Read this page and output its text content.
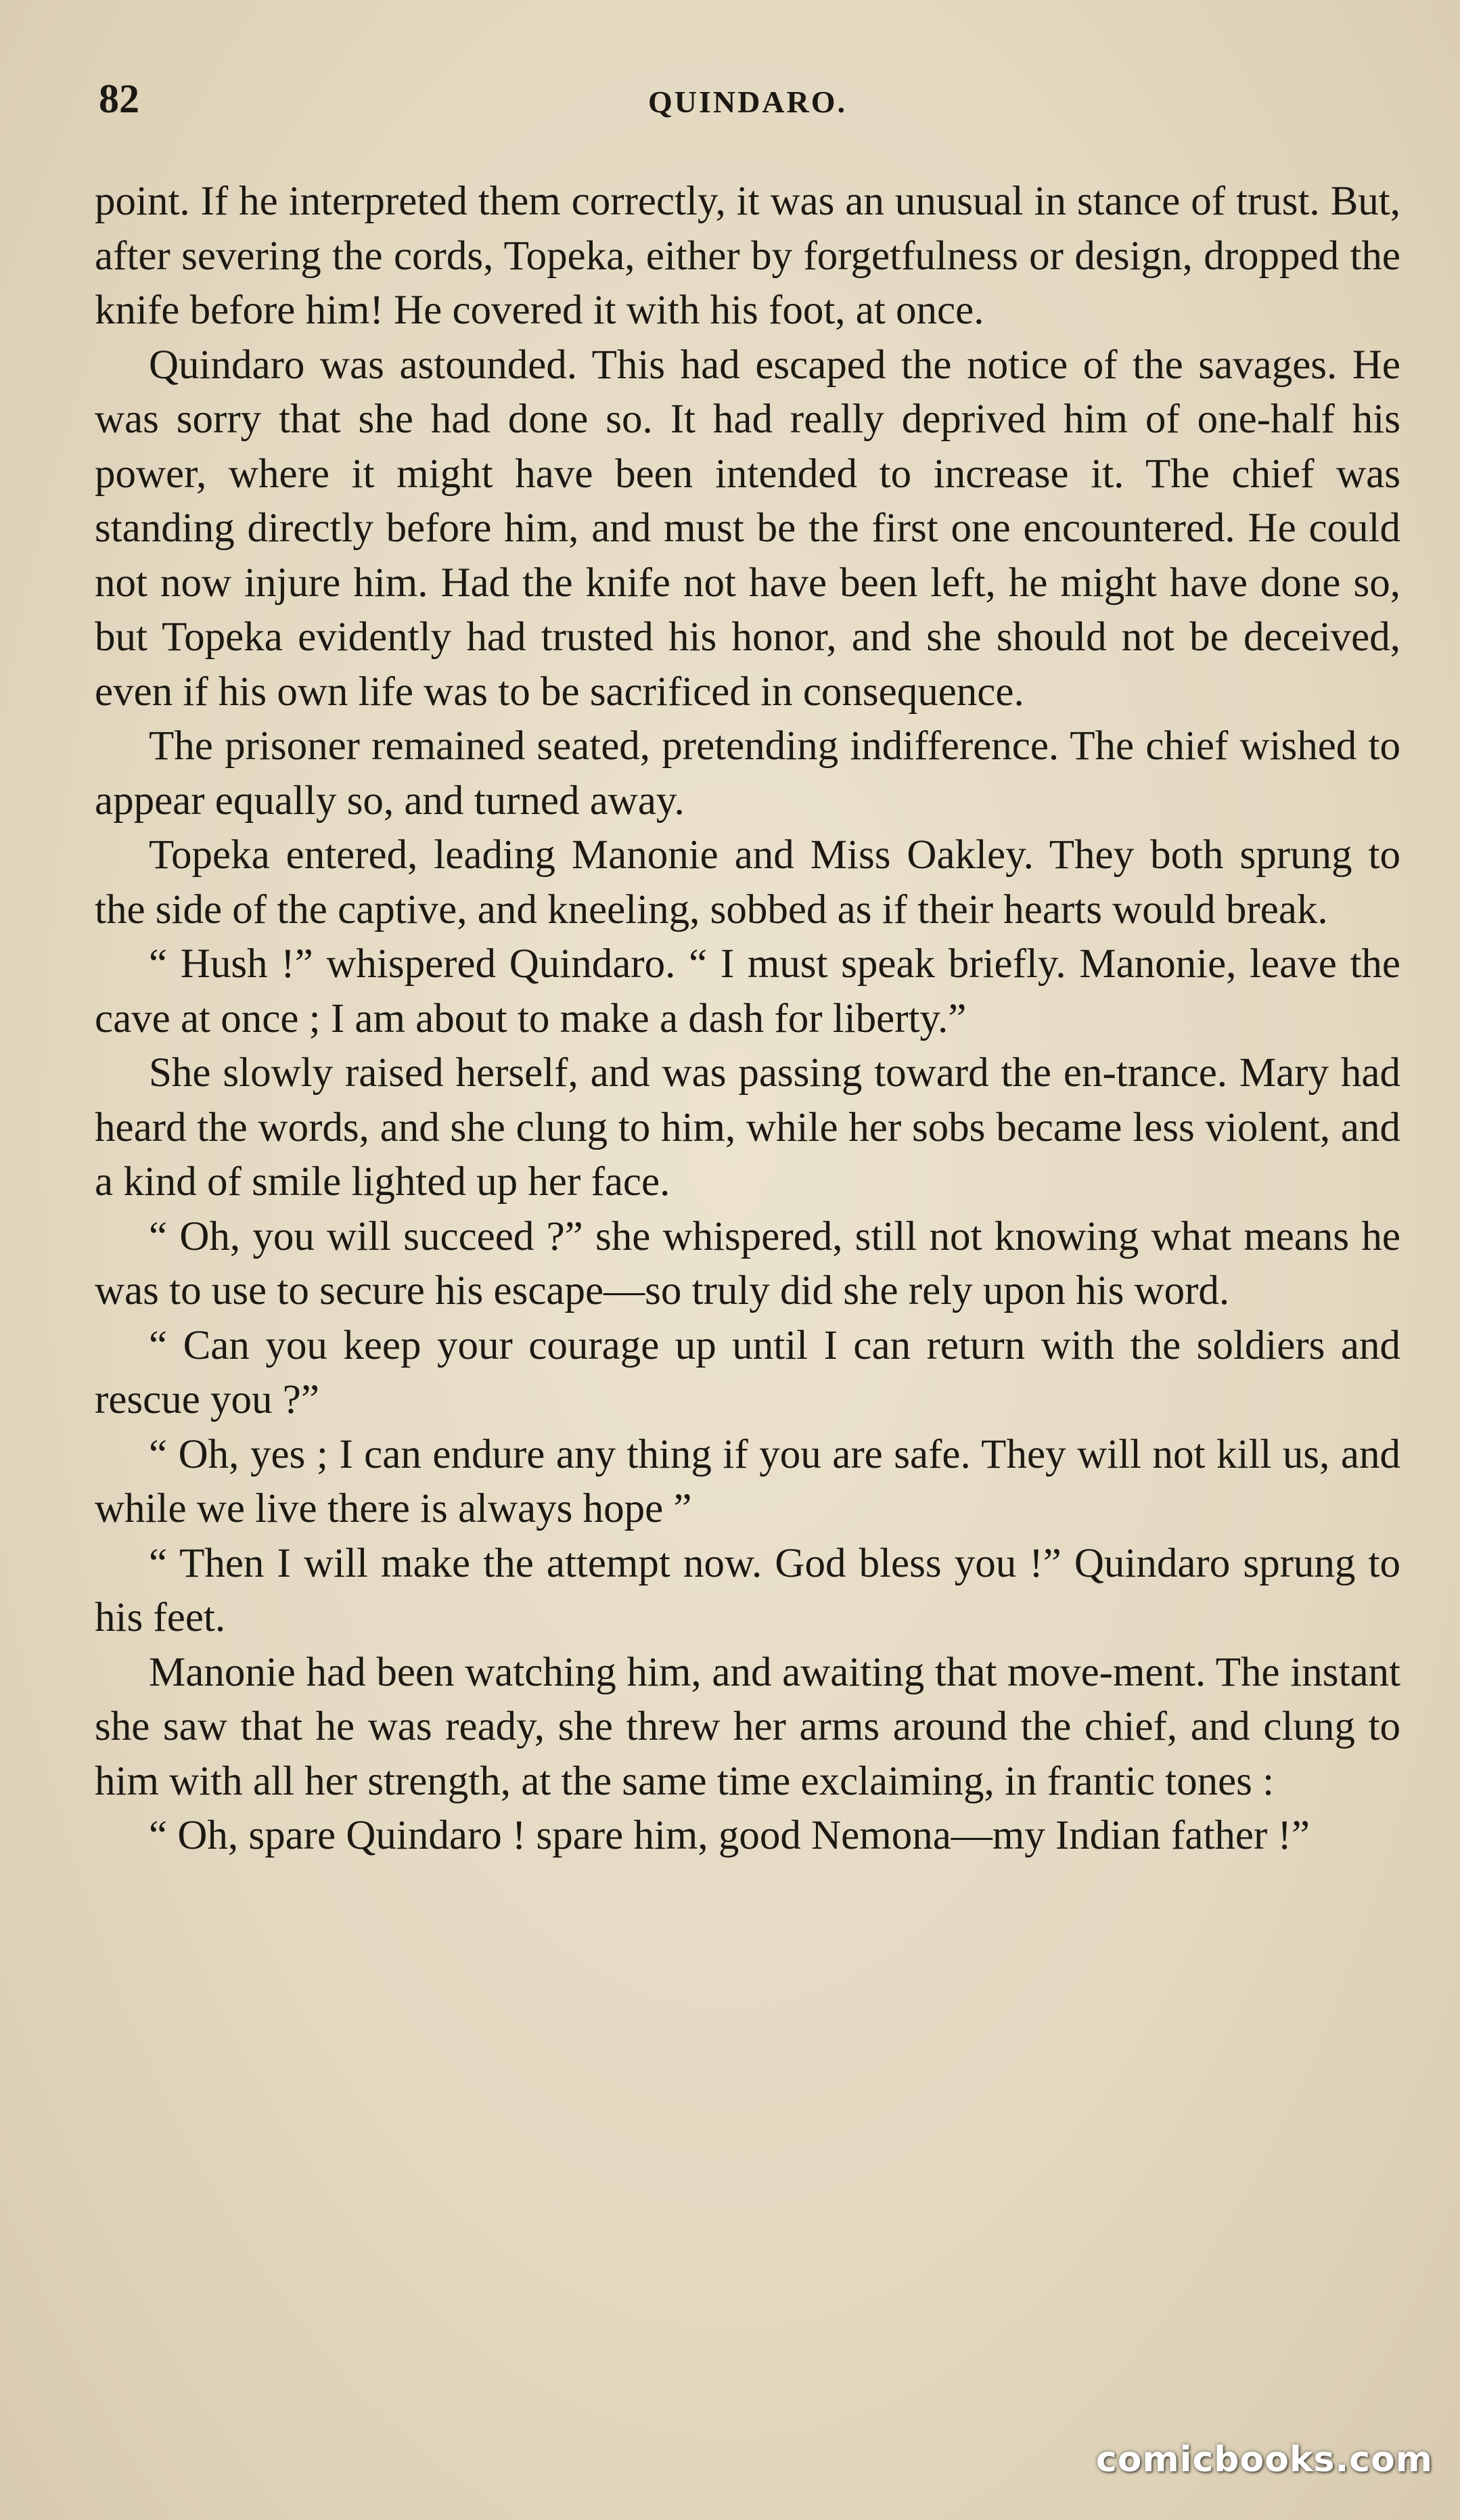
82	QUINDARO.

point. If he interpreted them correctly, it was an unusual in stance of trust. But, after severing the cords, Topeka, either by forgetfulness or design, dropped the knife before him! He covered it with his foot, at once.

Quindaro was astounded. This had escaped the notice of the savages. He was sorry that she had done so. It had really deprived him of one-half his power, where it might have been intended to increase it. The chief was standing directly before him, and must be the first one encountered. He could not now injure him. Had the knife not have been left, he might have done so, but Topeka evidently had trusted his honor, and she should not be deceived, even if his own life was to be sacrificed in consequence.

The prisoner remained seated, pretending indifference. The chief wished to appear equally so, and turned away.

Topeka entered, leading Manonie and Miss Oakley. They both sprung to the side of the captive, and kneeling, sobbed as if their hearts would break.

“ Hush !” whispered Quindaro. “ I must speak briefly. Manonie, leave the cave at once ; I am about to make a dash for liberty.”

She slowly raised herself, and was passing toward the en-trance. Mary had heard the words, and she clung to him, while her sobs became less violent, and a kind of smile lighted up her face.

“ Oh, you will succeed ?” she whispered, still not knowing what means he was to use to secure his escape—so truly did she rely upon his word.

“ Can you keep your courage up until I can return with the soldiers and rescue you ?”

“ Oh, yes ; I can endure any thing if you are safe. They will not kill us, and while we live there is always hope ”

“ Then I will make the attempt now. God bless you !” Quindaro sprung to his feet.

Manonie had been watching him, and awaiting that move-ment. The instant she saw that he was ready, she threw her arms around the chief, and clung to him with all her strength, at the same time exclaiming, in frantic tones :

“ Oh, spare Quindaro ! spare him, good Nemona—my Indian father !”

comicbooks.com
